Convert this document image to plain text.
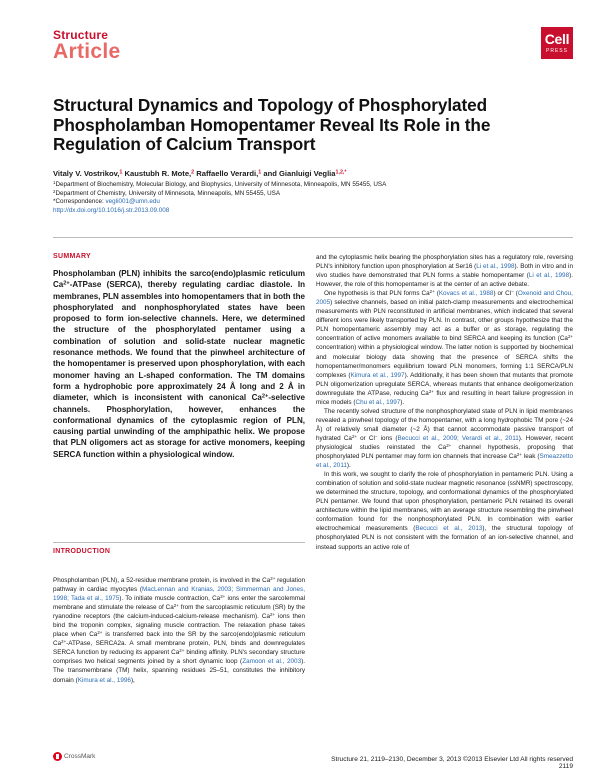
Structure
Article
Cell
PRESS
Structural Dynamics and Topology of Phosphorylated Phospholamban Homopentamer Reveal Its Role in the Regulation of Calcium Transport
Vitaly V. Vostrikov,$^1$ Kaustubh R. Mote,$^2$ Raffaello Verardi,$^1$ and Gianluigi Veglia$^{1,2,*}$
$^1$Department of Biochemistry, Molecular Biology, and Biophysics, University of Minnesota, Minneapolis, MN 55455, USA
$^2$Department of Chemistry, University of Minnesota, Minneapolis, MN 55455, USA
*Correspondence: vegli001@umn.edu
http://dx.doi.org/10.1016/j.str.2013.09.008
SUMMARY
Phospholamban (PLN) inhibits the sarco(endo)plasmic reticulum $Ca^{2+}$-ATPase (SERCA), thereby regulating cardiac diastole. In membranes, PLN assembles into homopentamers that in both the phosphorylated and nonphosphorylated states have been proposed to form ion-selective channels. Here, we determined the structure of the phosphorylated pentamer using a combination of solution and solid-state nuclear magnetic resonance methods. We found that the pinwheel architecture of the homopentamer is preserved upon phosphorylation, with each monomer having an L-shaped conformation. The TM domains form a hydrophobic pore approximately 24 Å long and 2 Å in diameter, which is inconsistent with canonical $Ca^{2+}$-selective channels. Phosphorylation, however, enhances the conformational dynamics of the cytoplasmic region of PLN, causing partial unwinding of the amphipathic helix. We propose that PLN oligomers act as storage for active monomers, keeping SERCA function within a physiological window.
INTRODUCTION

Phospholamban (PLN), a 52-residue membrane protein, is involved in the $Ca^{2+}$ regulation pathway in cardiac myocytes (MacLennan and Kranias, 2003; Simmerman and Jones, 1998; Tada et al., 1975). To initiate muscle contraction, $Ca^{2+}$ ions enter the sarcolemmal membrane and stimulate the release of $Ca^{2+}$ from the sarcoplasmic reticulum (SR) by the ryanodine receptors (the calcium-induced-calcium-release mechanism). $Ca^{2+}$ ions then bind the troponin complex, signaling muscle contraction. The relaxation phase takes place when $Ca^{2+}$ is transferred back into the SR by the sarco(endo)plasmic reticulum $Ca^{2+}$-ATPase, SERCA2a. A small membrane protein, PLN, binds and downregulates SERCA function by reducing its apparent $Ca^{2+}$ binding affinity. PLN's secondary structure comprises two helical segments joined by a short dynamic loop (Zamoon et al., 2003). The transmembrane (TM) helix, spanning residues 25–51, constitutes the inhibitory domain (Kimura et al., 1996),

and the cytoplasmic helix bearing the phosphorylation sites has a regulatory role, reversing PLN's inhibitory function upon phosphorylation at Ser16 (Li et al., 1998). Both in vitro and in vivo studies have demonstrated that PLN forms a stable homopentamer (Li et al., 1998). However, the role of this homopentamer is at the center of an active debate.

One hypothesis is that PLN forms $Ca^{2+}$ (Kovacs et al., 1988) or Cl− (Oxenoid and Chou, 2005) selective channels, based on initial patch-clamp measurements and electrochemical measurements with PLN reconstituted in artificial membranes, which indicated that several different ions were likely transported by PLN. In contrast, other groups hypothesize that the PLN homopentameric assembly may act as a buffer or as storage, regulating the concentration of active monomers available to bind SERCA and keeping its function ($Ca^{2+}$ concentration) within a physiological window. The latter notion is supported by biochemical and molecular biology data showing that the presence of SERCA shifts the homopentamer/monomers equilibrium toward PLN monomers, forming 1:1 SERCA/PLN complexes (Kimura et al., 1997). Additionally, it has been shown that mutants that promote PLN oligomerization upregulate SERCA, whereas mutants that enhance deoligomerization downregulate the ATPase, reducing $Ca^{2+}$ flux and resulting in heart failure progression in mice models (Chu et al., 1997).

The recently solved structure of the nonphosphorylated state of PLN in lipid membranes revealed a pinwheel topology of the homopentamer, with a long hydrophobic TM pore (~24 Å) of relatively small diameter (~2 Å) that cannot accommodate passive transport of hydrated $Ca^{2+}$ or Cl− ions (Becucci et al., 2009; Verardi et al., 2011). However, recent physiological studies reinstated the $Ca^{2+}$ channel hypothesis, proposing that phosphorylated PLN pentamer may form ion channels that increase $Ca^{2+}$ leak (Smeazzetto et al., 2011).

In this work, we sought to clarify the role of phosphorylation in pentameric PLN. Using a combination of solution and solid-state nuclear magnetic resonance (ssNMR) spectroscopy, we determined the structure, topology, and conformational dynamics of the phosphorylated PLN pentamer. We found that upon phosphorylation, pentameric PLN retained its overall architecture within the lipid membranes, with an average structure resembling the pinwheel conformation found for the nonphosphorylated PLN. In combination with earlier electrochemical measurements (Becucci et al., 2013), the structural topology of phosphorylated PLN is not consistent with the formation of an ion-selective channel, and instead supports an active role of

CrossMark	Structure 21, 2119–2130, December 3, 2013 ©2013 Elsevier Ltd All rights reserved 2119
